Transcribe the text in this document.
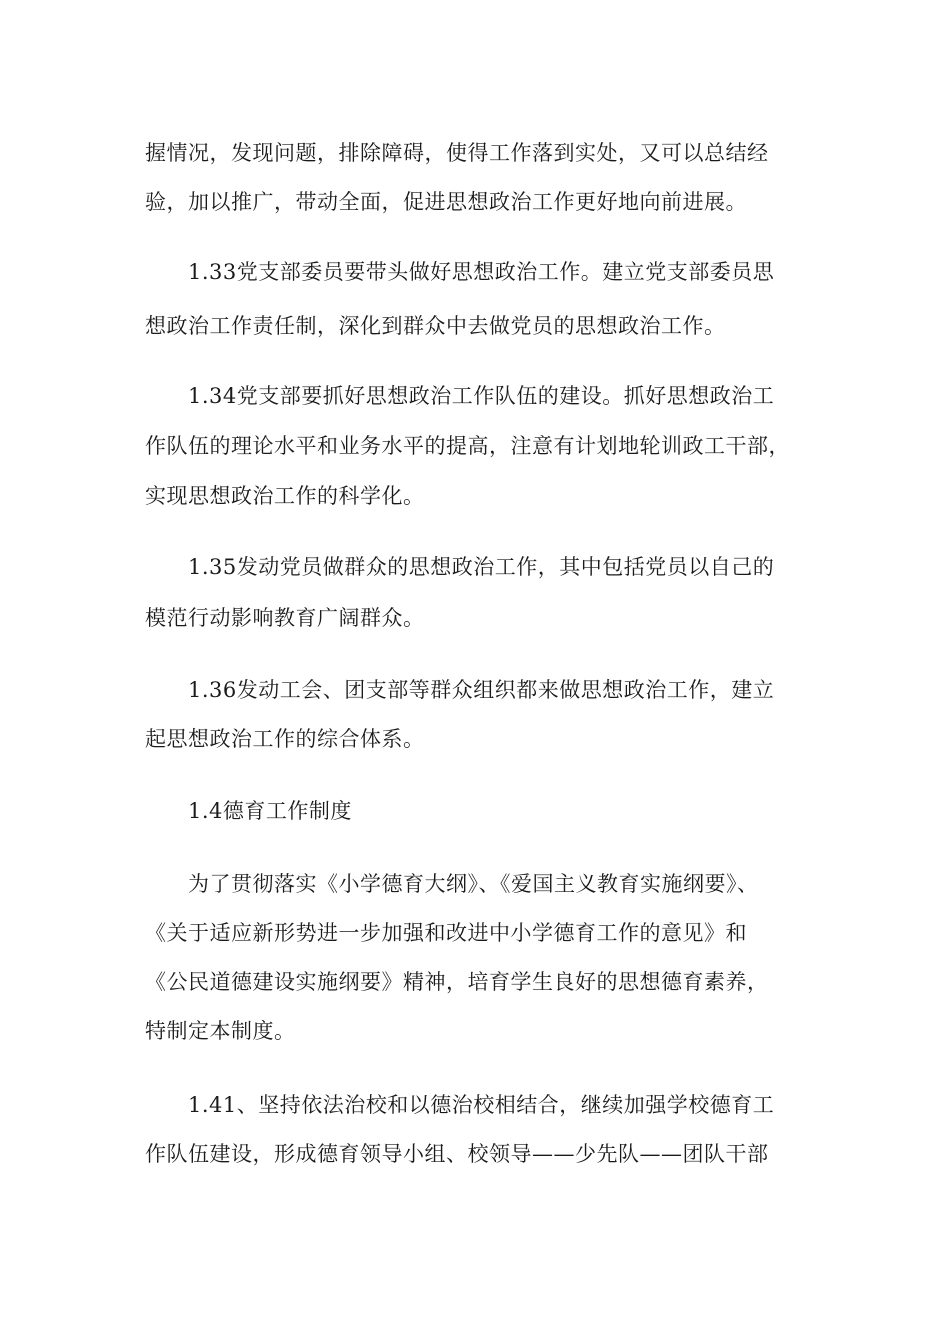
握情况，发现问题，排除障碍，使得工作落到实处，又可以总结经
验，加以推广，带动全面，促进思想政治工作更好地向前进展。
1.33党支部委员要带头做好思想政治工作。建立党支部委员思
想政治工作责任制，深化到群众中去做党员的思想政治工作。
1.34党支部要抓好思想政治工作队伍的建设。抓好思想政治工
作队伍的理论水平和业务水平的提高，注意有计划地轮训政工干部，
实现思想政治工作的科学化。
1.35发动党员做群众的思想政治工作，其中包括党员以自己的
模范行动影响教育广阔群众。
1.36发动工会、团支部等群众组织都来做思想政治工作，建立
起思想政治工作的综合体系。
1.4德育工作制度
为了贯彻落实《小学德育大纲》、《爱国主义教育实施纲要》、
《关于适应新形势进一步加强和改进中小学德育工作的意见》和
《公民道德建设实施纲要》精神，培育学生良好的思想德育素养，
特制定本制度。
1.41、坚持依法治校和以德治校相结合，继续加强学校德育工
作队伍建设，形成德育领导小组、校领导——少先队——团队干部
